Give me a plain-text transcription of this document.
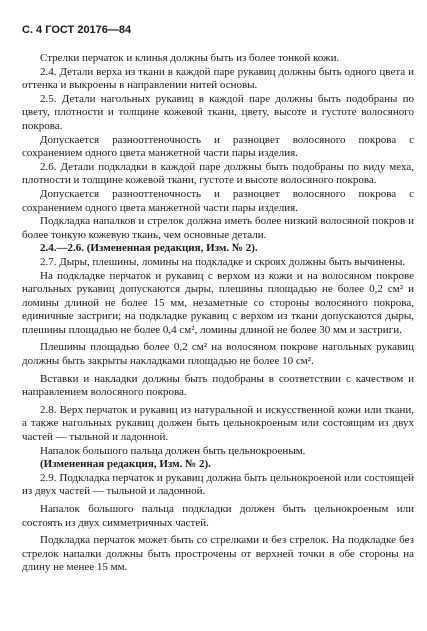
С. 4 ГОСТ 20176—84

Стрелки перчаток и клинья должны быть из более тонкой кожи.

2.4. Детали верха из ткани в каждой паре рукавиц должны быть одного цвета и оттенка и выкроены в направлении нитей основы.

2.5. Детали нагольных рукавиц в каждой паре должны быть подобраны по цвету, плотности и толщине кожевой ткани, цвету, высоте и густоте волосяного покрова.

Допускается разнооттеночность и разноцвет волосяного покрова с сохранением одного цвета манжетной части пары изделия.

2.6. Детали подкладки в каждой паре должны быть подобраны по виду меха, плотности и толщине кожевой ткани, густоте и высоте волосяного покрова.

Допускается разнооттеночность и разноцвет волосяного покрова с сохранением одного цвета манжетной части пары изделия.

Подкладка напалков и стрелок должна иметь более низкий волосяной покров и более тонкую кожевую ткань, чем основные детали.

2.4.—2.6. (Измененная редакция, Изм. № 2).

2.7. Дыры, плешины, ломины на подкладке и скроях должны быть вычинены.

На подкладке перчаток и рукавиц с верхом из кожи и на волосяном покрове нагольных рукавиц допускаются дыры, плешины площадью не более 0,2 см² и ломины длиной не более 15 мм, незаметные со стороны волосяного покрова, единичные застриги; на подкладке рукавиц с верхом из ткани допускаются дыры, плешины площадью не более 0,4 см², ломины длиной не более 30 мм и застриги.

Плешины площадью более 0,2 см² на волосяном покрове нагольных рукавиц должны быть закрыты накладками площадью не более 10 см².

Вставки и накладки должны быть подобраны в соответствии с качеством и направлением волосяного покрова.

2.8. Верх перчаток и рукавиц из натуральной и искусственной кожи или ткани, а также нагольных рукавиц должен быть цельнокроеным или состоящим из двух частей — тыльной и ладонной.

Напалок большого пальца должен быть цельнокроеным.

(Измененная редакция, Изм. № 2).

2.9. Подкладка перчаток и рукавиц должна быть цельнокроеной или состоящей из двух частей — тыльной и ладонной.

Напалок большого пальца подкладки должен быть цельнокроеным или состоять из двух симметричных частей.

Подкладка перчаток может быть со стрелками и без стрелок. На подкладке без стрелок напалки должны быть прострочены от верхней точки в обе стороны на длину не менее 15 мм.
